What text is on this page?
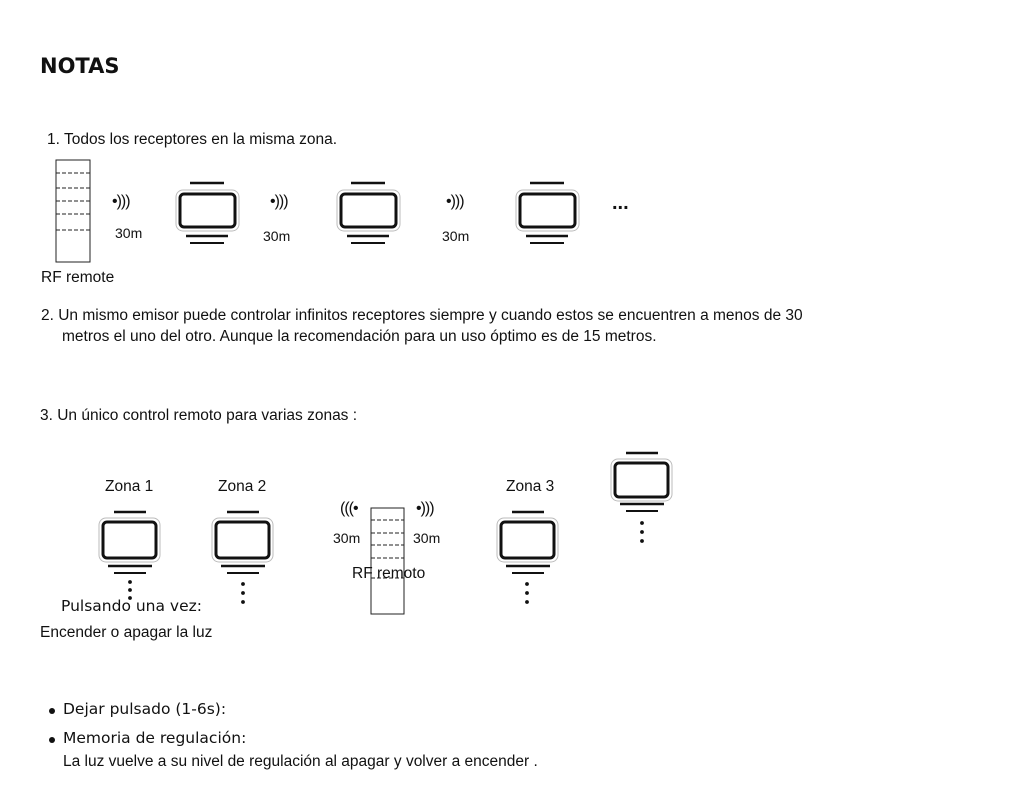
NOTAS
1. Todos los receptores en la misma zona.
•)))
30m
•)))
30m
•)))
30m
...
RF remote
2. Un mismo emisor puede controlar infinitos receptores siempre y cuando estos se encuentren a menos de 30
metros el uno del otro. Aunque la recomendación para un uso óptimo es de 15 metros.
3. Un único control remoto para varias zonas :
Zona 1	Zona 2	Zona 3
(((•	•)))
30m	30m
RF remoto
Pulsando una vez:
Encender o apagar la luz
Dejar pulsado (1-6s):
Memoria de regulación:
La luz vuelve a su nivel de regulación al apagar y volver a encender .
